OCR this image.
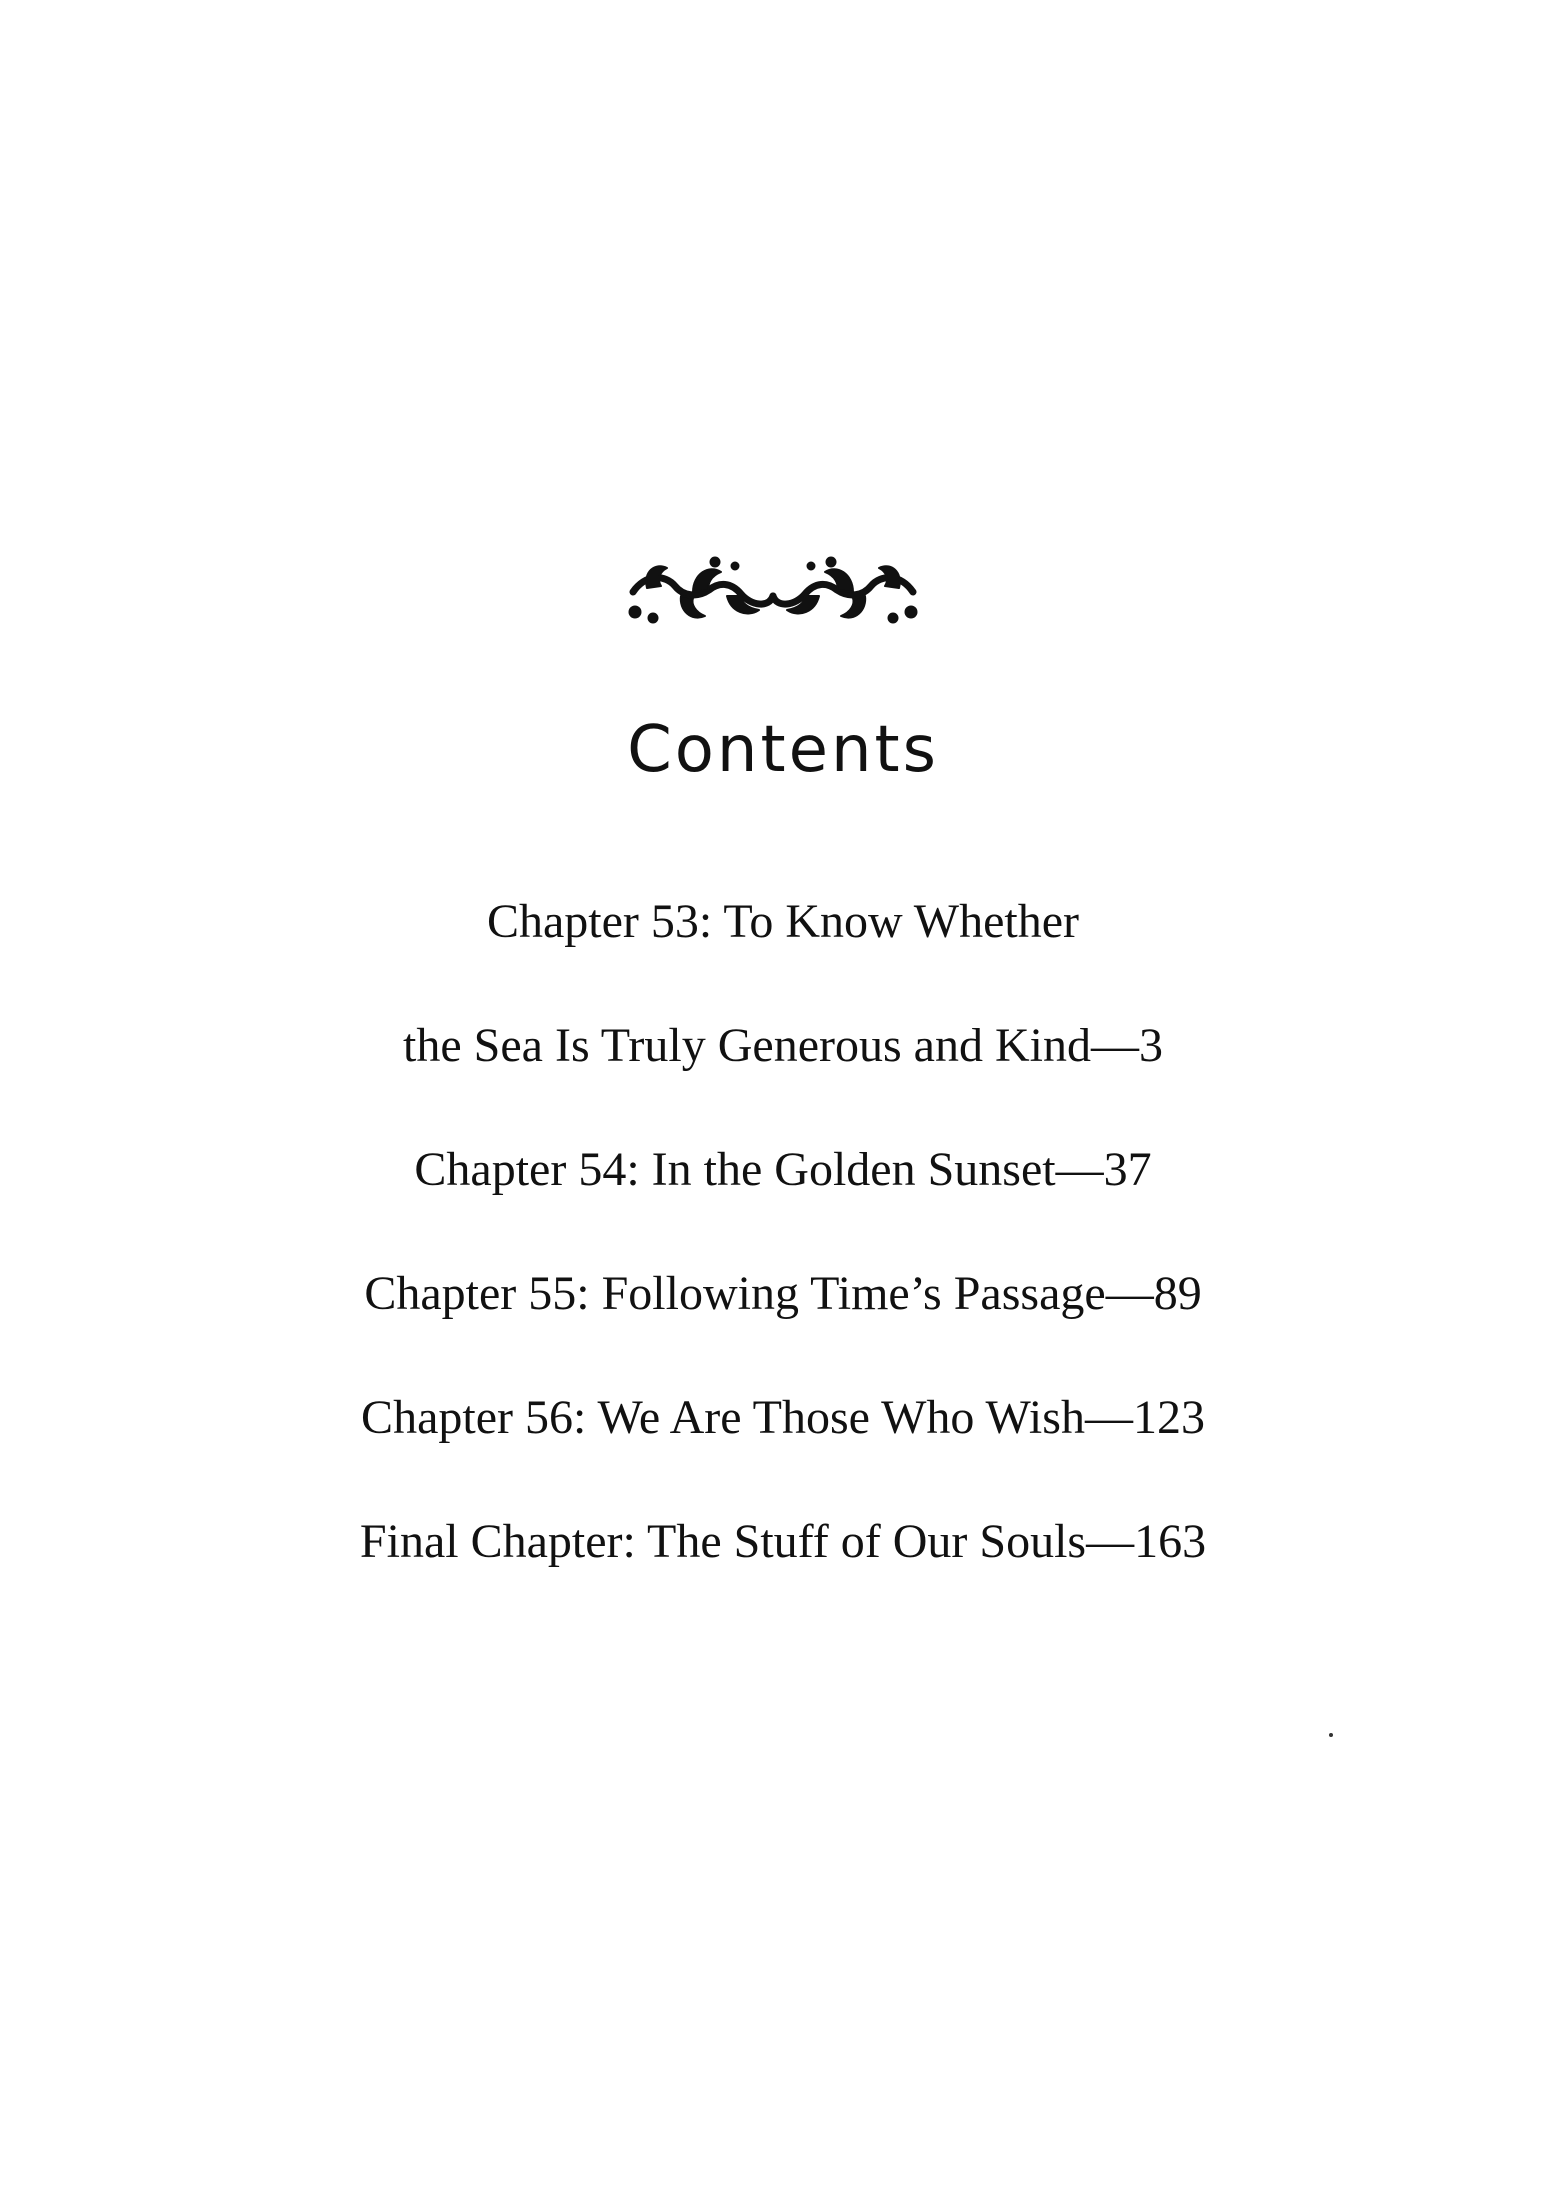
Contents
Chapter 53: To Know Whether
the Sea Is Truly Generous and Kind—3
Chapter 54: In the Golden Sunset—37
Chapter 55: Following Time’s Passage—89
Chapter 56: We Are Those Who Wish—123
Final Chapter: The Stuff of Our Souls—163
